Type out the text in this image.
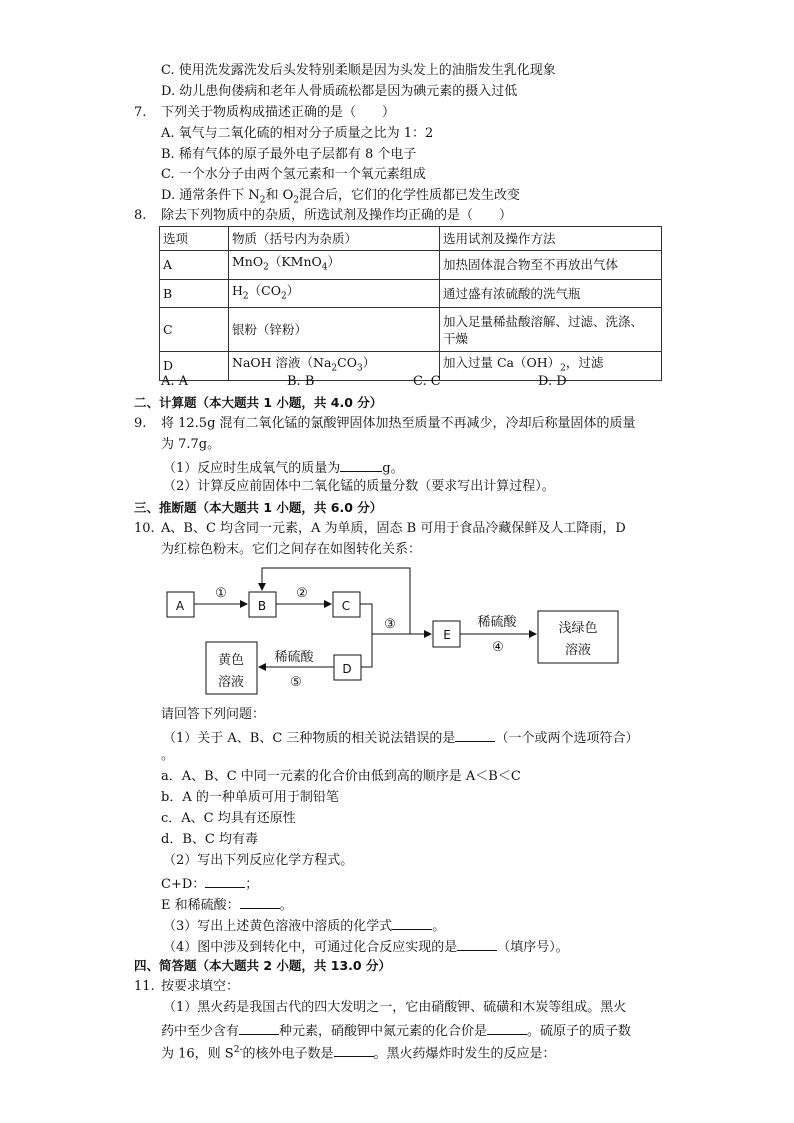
C. 使用洗发露洗发后头发特别柔顺是因为头发上的油脂发生乳化现象
D. 幼儿患佝偻病和老年人骨质疏松都是因为碘元素的摄入过低
7. 下列关于物质构成描述正确的是（　　）
A. 氧气与二氧化硫的相对分子质量之比为 1：2
B. 稀有气体的原子最外电子层都有 8 个电子
C. 一个水分子由两个氢元素和一个氧元素组成
D. 通常条件下 $N_2$和 $O_2$混合后，它们的化学性质都已发生改变
8. 除去下列物质中的杂质，所选试剂及操作均正确的是（　　）
选项	物质（括号内为杂质）	选用试剂及操作方法
A	MnO$_2$（KMnO$_4$）	加热固体混合物至不再放出气体
B	$H_2(CO_2)$	通过盛有浓硫酸的洗气瓶
C	银粉（锌粉）	加入足量稀盐酸溶解、过滤、洗涤、
干燥

D	NaOH 溶液$(Na_2CO_3)$	加入过量 $Ca(OH)_2$，过滤
A. A	B. B	C. C	D. D
二、计算题（本大题共 1 小题，共 4.0 分）
9. 将 12.5g 混有二氧化锰的氯酸钾固体加热至质量不再减少，冷却后称量固体的质量
为 7.7g。
（1）反应时生成氧气的质量为	g。
（2）计算反应前固体中二氧化锰的质量分数（要求写出计算过程）。
三、推断题（本大题共 1 小题，共 6.0 分）
10. A、B、C 均含同一元素，A 为单质，固态 B 可用于食品冷藏保鲜及人工降雨，D
为红棕色粉末。它们之间存在如图转化关系：
A	B	C
E
D
浅绿色
溶液
黄色
溶液
①	②
③
④
⑤
稀硫酸
稀硫酸
请回答下列问题：
（1）关于 A、B、C 三种物质的相关说法错误的是	（一个或两个选项符合）
。
a．A、B、C 中同一元素的化合价由低到高的顺序是 A＜B＜C
b．A 的一种单质可用于制铅笔
c．A、C 均具有还原性
d．B、C 均有毒
（2）写出下列反应化学方程式。
C+D：	；
E 和稀硫酸：	。
（3）写出上述黄色溶液中溶质的化学式	。
（4）图中涉及到转化中，可通过化合反应实现的是	（填序号）。
四、简答题（本大题共 2 小题，共 13.0 分）
11. 按要求填空：
（1）黑火药是我国古代的四大发明之一，它由硝酸钾、硫磺和木炭等组成。黑火
药中至少含有	种元素，硝酸钾中氮元素的化合价是	。硫原子的质子数
为 16，则 $S^{2-}$的核外电子数是	。黑火药爆炸时发生的反应是：
